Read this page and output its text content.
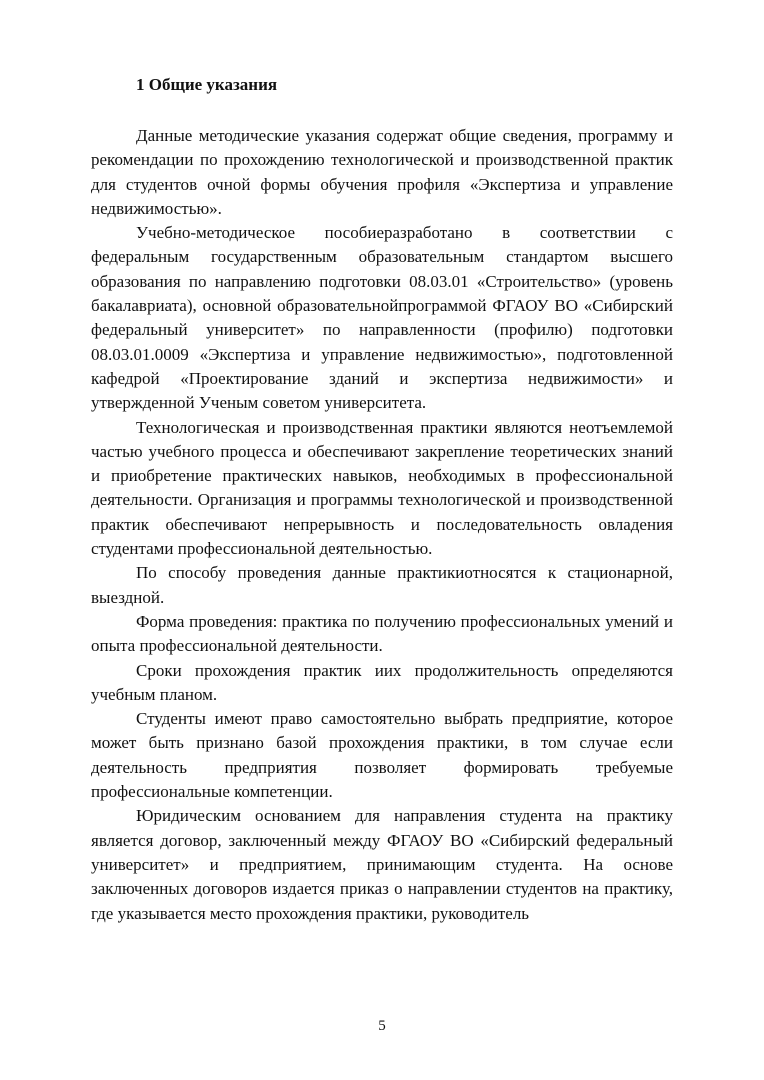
1 Общие указания

Данные методические указания содержат общие сведения, программу и рекомендации по прохождению технологической и производственной практик для студентов очной формы обучения профиля «Экспертиза и управление недвижимостью».

Учебно-методическое пособиеразработано в соответствии с федеральным государственным образовательным стандартом высшего образования по направлению подготовки 08.03.01 «Строительство» (уровень бакалавриата), основной образовательнойпрограммой ФГАОУ ВО «Сибирский федеральный университет» по направленности (профилю) подготовки 08.03.01.0009 «Экспертиза и управление недвижимостью», подготовленной кафедрой «Проектирование зданий и экспертиза недвижимости» и утвержденной Ученым советом университета.

Технологическая и производственная практики являются неотъемлемой частью учебного процесса и обеспечивают закрепление теоретических знаний и приобретение практических навыков, необходимых в профессиональной деятельности. Организация и программы технологической и производственной практик обеспечивают непрерывность и последовательность овладения студентами профессиональной деятельностью.

По способу проведения данные практикиотносятся к стационарной, выездной.

Форма проведения: практика по получению профессиональных умений и опыта профессиональной деятельности.

Сроки прохождения практик иих продолжительность определяются учебным планом.

Студенты имеют право самостоятельно выбрать предприятие, которое может быть признано базой прохождения практики, в том случае если деятельность предприятия позволяет формировать требуемые профессиональные компетенции.

Юридическим основанием для направления студента на практику является договор, заключенный между ФГАОУ ВО «Сибирский федеральный университет» и предприятием, принимающим студента. На основе заключенных договоров издается приказ о направлении студентов на практику, где указывается место прохождения практики, руководитель

5
